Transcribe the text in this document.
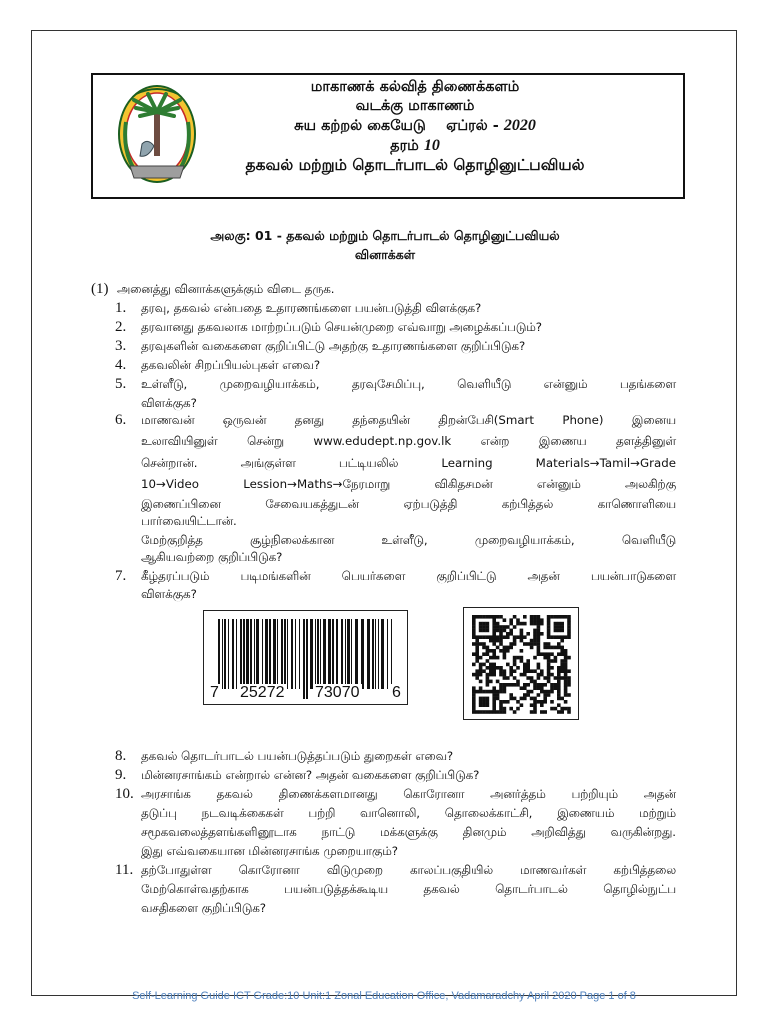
மாகாணக் கல்வித் திணைக்களம்
வடக்கு மாகாணம்
சுய கற்றல் கையேடு ஏப்ரல் - 2020
தரம் 10
தகவல் மற்றும் தொடர்பாடல் தொழினுட்பவியல்
அலகு: 01 - தகவல் மற்றும் தொடர்பாடல் தொழினுட்பவியல்
வினாக்கள்
(1) அனைத்து வினாக்களுக்கும் விடை தருக.
1. தரவு, தகவல் என்பதை உதாரணங்களை பயன்படுத்தி விளக்குக?
2. தரவானது தகவலாக மாற்றப்படும் செயன்முறை எவ்வாறு அழைக்கப்படும்?
3. தரவுகளின் வகைகளை குறிப்பிட்டு அதற்கு உதாரணங்களை குறிப்பிடுக?
4. தகவலின் சிறப்பியல்புகள் எவை?
5. உள்ளீடு, முறைவழியாக்கம், தரவுசேமிப்பு, வெளியீடு என்னும் பதங்களை
விளக்குக?
6. மாணவன் ஒருவன் தனது தந்தையின் திறன்பேசி(Smart Phone) இனைய
உலாவியினுள் சென்று www.edudept.np.gov.lk என்ற இணைய தளத்தினுள்
சென்றான். அங்குள்ள பட்டியலில் Learning Materials→Tamil→Grade
10→Video Lession→Maths→நேரமாறு விகிதசமன் என்னும் அலகிற்கு
இணைப்பினை சேவையகத்துடன் ஏற்படுத்தி கற்பித்தல் காணொளியை
பார்வையிட்டான்.
மேற்குறித்த சூழ்நிலைக்கான உள்ளீடு, முறைவழியாக்கம், வெளியீடு
ஆகியவற்றை குறிப்பிடுக?
7. கீழ்தரப்படும் படிமங்களின் பெயர்களை குறிப்பிட்டு அதன் பயன்பாடுகளை
விளக்குக?
7 25272 73070 6
8. தகவல் தொடர்பாடல் பயன்படுத்தப்படும் துறைகள் எவை?
9. மின்னரசாங்கம் என்றால் என்ன? அதன் வகைகளை குறிப்பிடுக?
10. அரசாங்க தகவல் திணைக்களமானது கொரோனா அனர்த்தம் பற்றியும் அதன்
தடுப்பு நடவடிக்கைகள் பற்றி வானொலி, தொலைக்காட்சி, இணையம் மற்றும்
சமூகவலைத்தளங்களினூடாக நாட்டு மக்களுக்கு தினமும் அறிவித்து வருகின்றது.
இது எவ்வகையான மின்னரசாங்க முறையாகும்?
11. தற்போதுள்ள கொரோனா விடுமுறை காலப்பகுதியில் மாணவர்கள் கற்பித்தலை
மேற்கொள்வதற்காக பயன்படுத்தக்கூடிய தகவல் தொடர்பாடல் தொழில்நுட்ப
வசதிகளை குறிப்பிடுக?
Self-Learning Guide ICT Grade:10 Unit:1 Zonal Education Office, Vadamaradchy April 2020 Page 1 of 8
